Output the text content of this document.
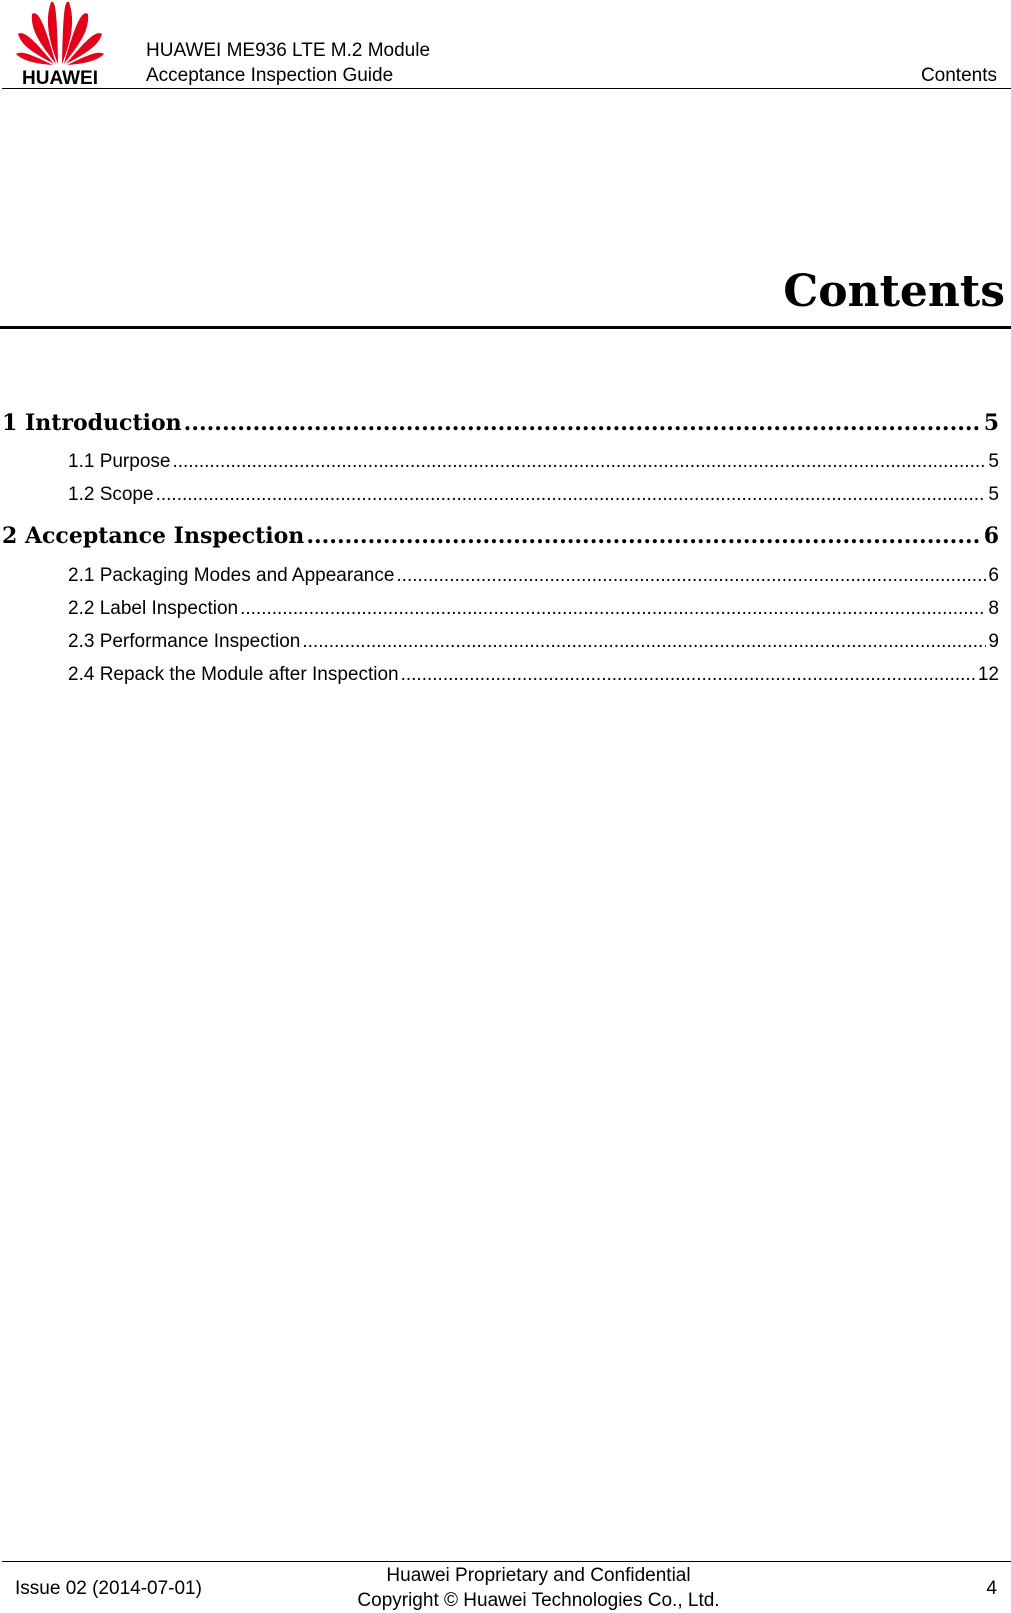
HUAWEI
HUAWEI ME936 LTE M.2 Module
Acceptance Inspection Guide	Contents
Contents
1 Introduction .....	5
1.1 Purpose .....	5
1.2 Scope .....	5
2 Acceptance Inspection .....	6
2.1 Packaging Modes and Appearance .....	6
2.2 Label Inspection .....	8
2.3 Performance Inspection .....	9
2.4 Repack the Module after Inspection .....	12
Issue 02 (2014-07-01)
Huawei Proprietary and Confidential
Copyright © Huawei Technologies Co., Ltd.
4
